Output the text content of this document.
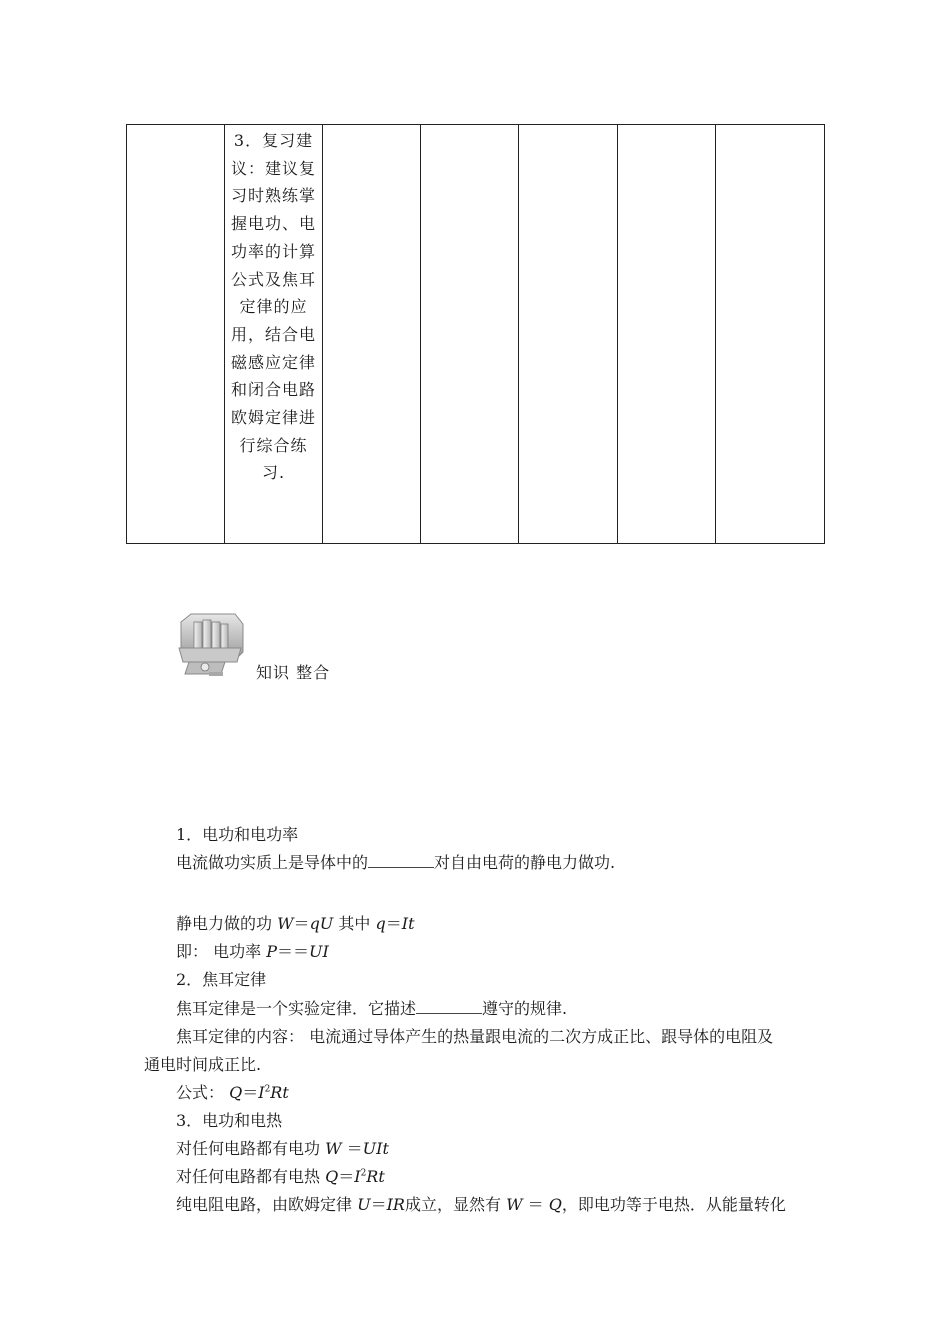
3．复习建议：建议复习时熟练掌握电功、电功率的计算公式及焦耳定律的应用，结合电磁感应定律和闭合电路欧姆定律进行综合练习.

知识 整合
1．电功和电功率
电流做功实质上是导体中的	对自由电荷的静电力做功.
静电力做的功 W＝qU 其中 q＝It
即： 电功率 P＝＝UI
2．焦耳定律
焦耳定律是一个实验定律．它描述	遵守的规律.
焦耳定律的内容： 电流通过导体产生的热量跟电流的二次方成正比、跟导体的电阻及
通电时间成正比.
公式： $Q=I^2Rt$
3．电功和电热
对任何电路都有电功 W ＝UIt
对任何电路都有电热 $Q=I^2Rt$
纯电阻电路，由欧姆定律 U＝IR成立，显然有 W ＝ Q，即电功等于电热．从能量转化
